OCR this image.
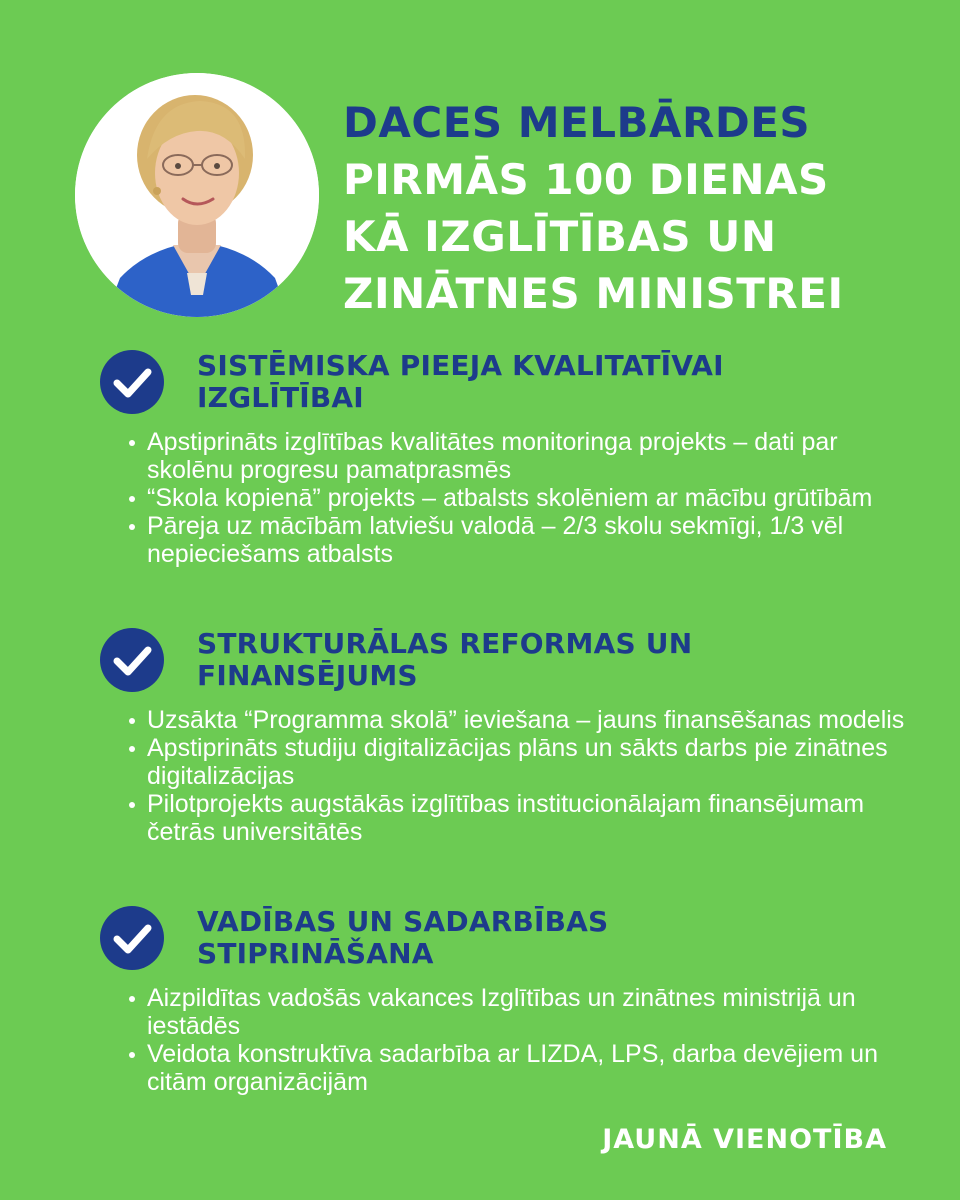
DACES MELBĀRDES
PIRMĀS 100 DIENAS
KĀ IZGLĪTĪBAS UN
ZINĀTNES MINISTREI
SISTĒMISKA PIEEJA KVALITATĪVAI IZGLĪTĪBAI
Apstiprināts izglītības kvalitātes monitoringa projekts – dati par skolēnu progresu pamatprasmēs
“Skola kopienā” projekts – atbalsts skolēniem ar mācību grūtībām
Pāreja uz mācībām latviešu valodā – 2/3 skolu sekmīgi, 1/3 vēl nepieciešams atbalsts
STRUKTURĀLAS REFORMAS UN FINANSĒJUMS
Uzsākta “Programma skolā” ieviešana – jauns finansēšanas modelis
Apstiprināts studiju digitalizācijas plāns un sākts darbs pie zinātnes digitalizācijas
Pilotprojekts augstākās izglītības institucionālajam finansējumam četrās universitātēs
VADĪBAS UN SADARBĪBAS STIPRINĀŠANA
Aizpildītas vadošās vakances Izglītības un zinātnes ministrijā un iestādēs
Veidota konstruktīva sadarbība ar LIZDA, LPS, darba devējiem un citām organizācijām
JAUNĀ VIENOTĪBA
